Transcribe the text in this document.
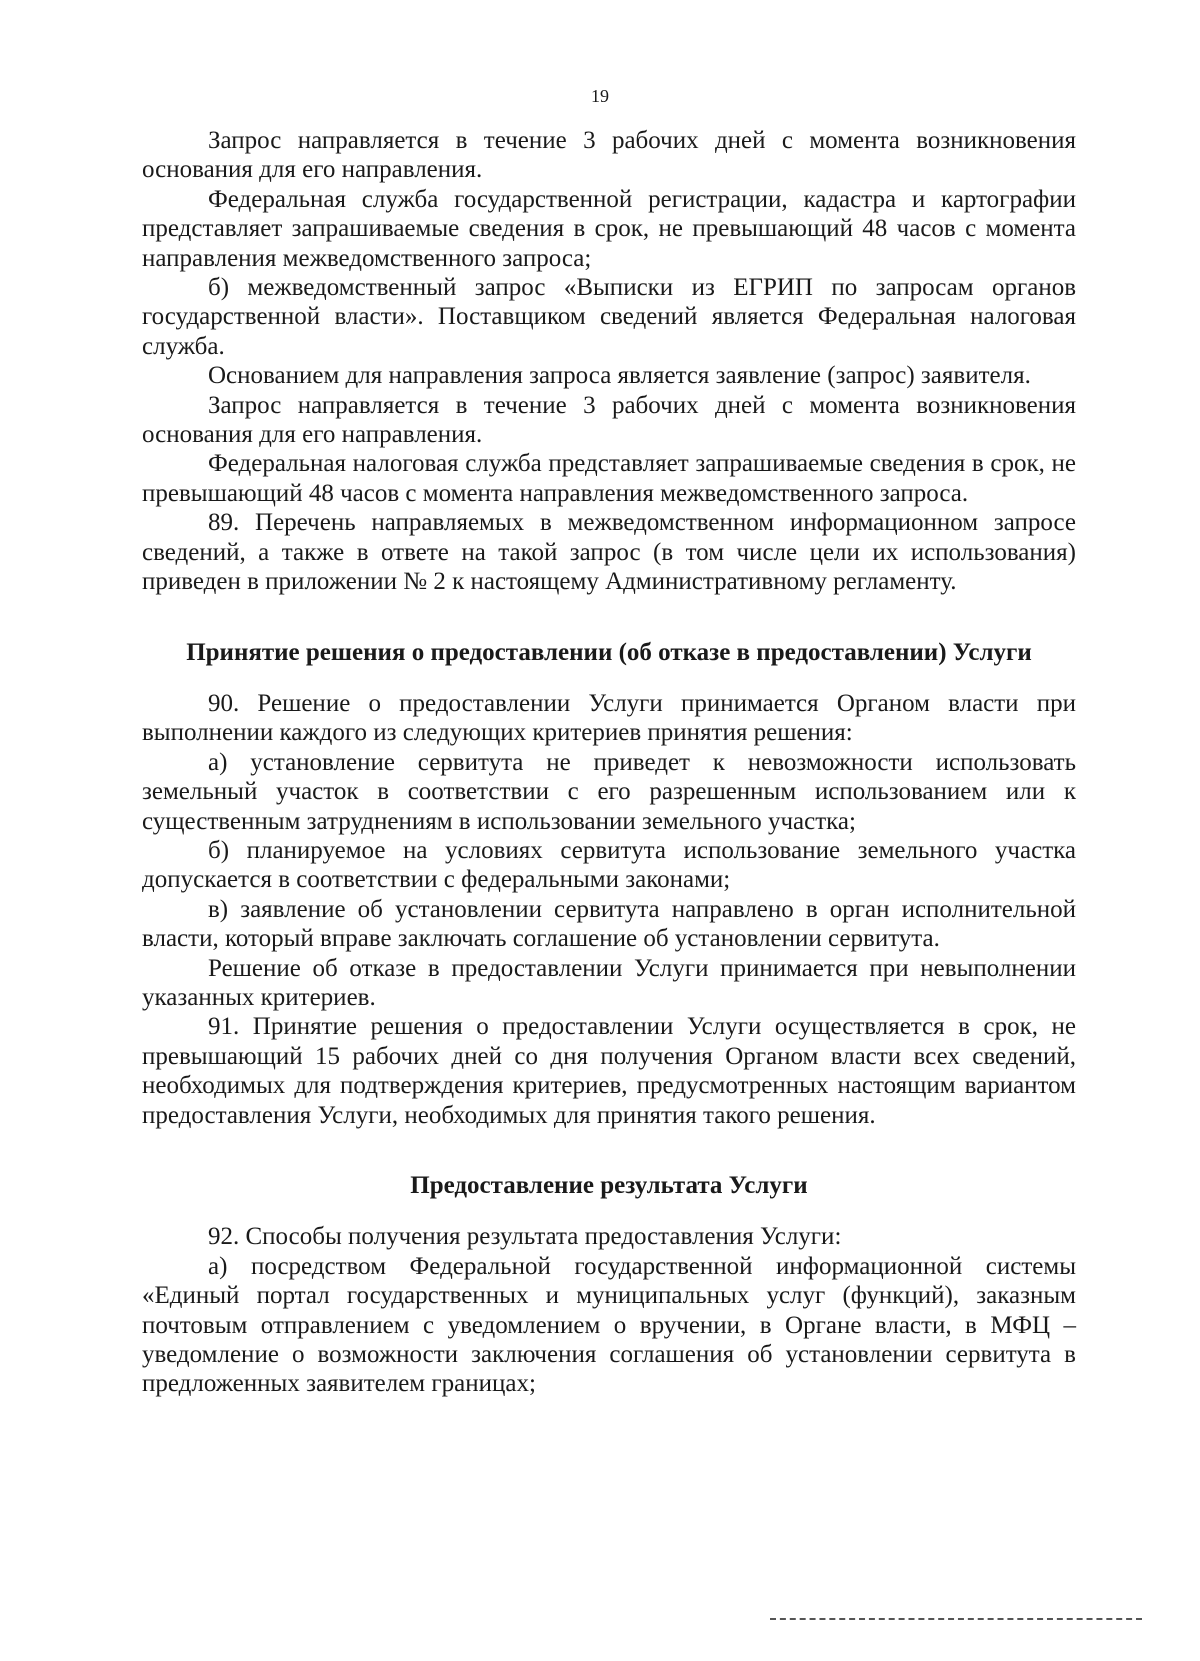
19

Запрос направляется в течение 3 рабочих дней с момента возникновения основания для его направления.

Федеральная служба государственной регистрации, кадастра и картографии представляет запрашиваемые сведения в срок, не превышающий 48 часов с момента направления межведомственного запроса;

б) межведомственный запрос «Выписки из ЕГРИП по запросам органов государственной власти». Поставщиком сведений является Федеральная налоговая служба.

Основанием для направления запроса является заявление (запрос) заявителя.

Запрос направляется в течение 3 рабочих дней с момента возникновения основания для его направления.

Федеральная налоговая служба представляет запрашиваемые сведения в срок, не превышающий 48 часов с момента направления межведомственного запроса.

89. Перечень направляемых в межведомственном информационном запросе сведений, а также в ответе на такой запрос (в том числе цели их использования) приведен в приложении № 2 к настоящему Административному регламенту.

Принятие решения о предоставлении (об отказе в предоставлении) Услуги

90. Решение о предоставлении Услуги принимается Органом власти при выполнении каждого из следующих критериев принятия решения:

а) установление сервитута не приведет к невозможности использовать земельный участок в соответствии с его разрешенным использованием или к существенным затруднениям в использовании земельного участка;

б) планируемое на условиях сервитута использование земельного участка допускается в соответствии с федеральными законами;

в) заявление об установлении сервитута направлено в орган исполнительной власти, который вправе заключать соглашение об установлении сервитута.

Решение об отказе в предоставлении Услуги принимается при невыполнении указанных критериев.

91. Принятие решения о предоставлении Услуги осуществляется в срок, не превышающий 15 рабочих дней со дня получения Органом власти всех сведений, необходимых для подтверждения критериев, предусмотренных настоящим вариантом предоставления Услуги, необходимых для принятия такого решения.

Предоставление результата Услуги

92. Способы получения результата предоставления Услуги:

а) посредством Федеральной государственной информационной системы «Единый портал государственных и муниципальных услуг (функций), заказным почтовым отправлением с уведомлением о вручении, в Органе власти, в МФЦ – уведомление о возможности заключения соглашения об установлении сервитута в предложенных заявителем границах;
